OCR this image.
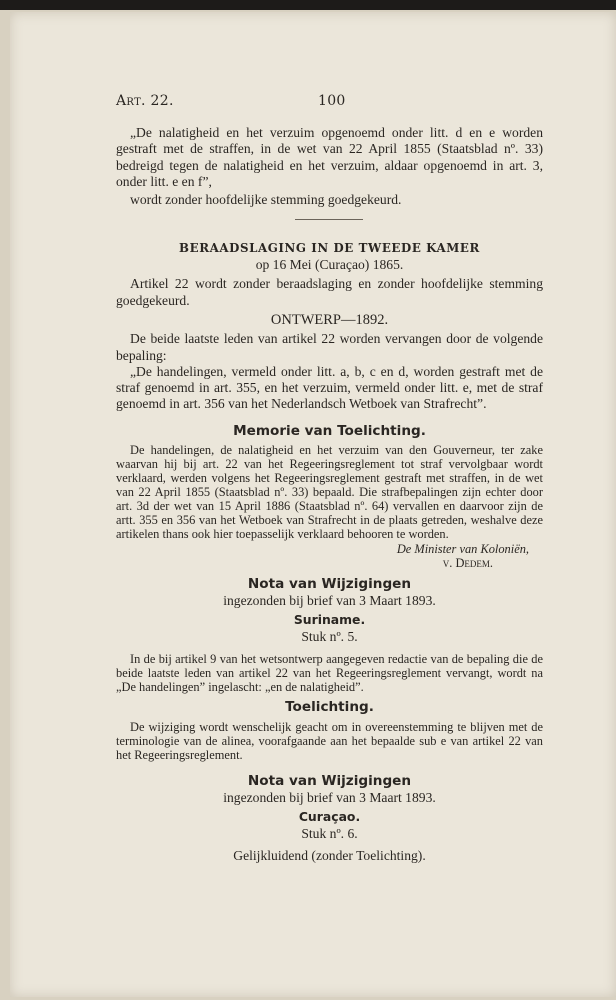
Art. 22.	100

„De nalatigheid en het verzuim opgenoemd onder litt. d en e worden gestraft met de straffen, in de wet van 22 April 1855 (Staatsblad nº. 33) bedreigd tegen de nalatigheid en het verzuim, aldaar opgenoemd in art. 3, onder litt. e en f”,

wordt zonder hoofdelijke stemming goedgekeurd.

BERAADSLAGING IN DE TWEEDE KAMER

op 16 Mei (Curaçao) 1865.

Artikel 22 wordt zonder beraadslaging en zonder hoofdelijke stemming goedgekeurd.

ONTWERP—1892.

De beide laatste leden van artikel 22 worden vervangen door de volgende bepaling:

„De handelingen, vermeld onder litt. a, b, c en d, worden gestraft met de straf genoemd in art. 355, en het verzuim, vermeld onder litt. e, met de straf genoemd in art. 356 van het Nederlandsch Wetboek van Strafrecht”.

Memorie van Toelichting.

De handelingen, de nalatigheid en het verzuim van den Gouverneur, ter zake waarvan hij bij art. 22 van het Regeeringsreglement tot straf vervolgbaar wordt verklaard, werden volgens het Regeeringsreglement gestraft met straffen, in de wet van 22 April 1855 (Staatsblad nº. 33) bepaald. Die strafbepalingen zijn echter door art. 3d der wet van 15 April 1886 (Staatsblad nº. 64) vervallen en daarvoor zijn de artt. 355 en 356 van het Wetboek van Strafrecht in de plaats getreden, weshalve deze artikelen thans ook hier toepasselijk verklaard behooren te worden.

De Minister van Koloniën,

v. Dedem.

Nota van Wijzigingen

ingezonden bij brief van 3 Maart 1893.

Suriname.

Stuk nº. 5.

In de bij artikel 9 van het wetsontwerp aangegeven redactie van de bepaling die de beide laatste leden van artikel 22 van het Regeeringsreglement vervangt, wordt na „De handelingen” ingelascht: „en de nalatigheid”.

Toelichting.

De wijziging wordt wenschelijk geacht om in overeenstemming te blijven met de terminologie van de alinea, voorafgaande aan het bepaalde sub e van artikel 22 van het Regeeringsreglement.

Nota van Wijzigingen

ingezonden bij brief van 3 Maart 1893.

Curaçao.

Stuk nº. 6.

Gelijkluidend (zonder Toelichting).
